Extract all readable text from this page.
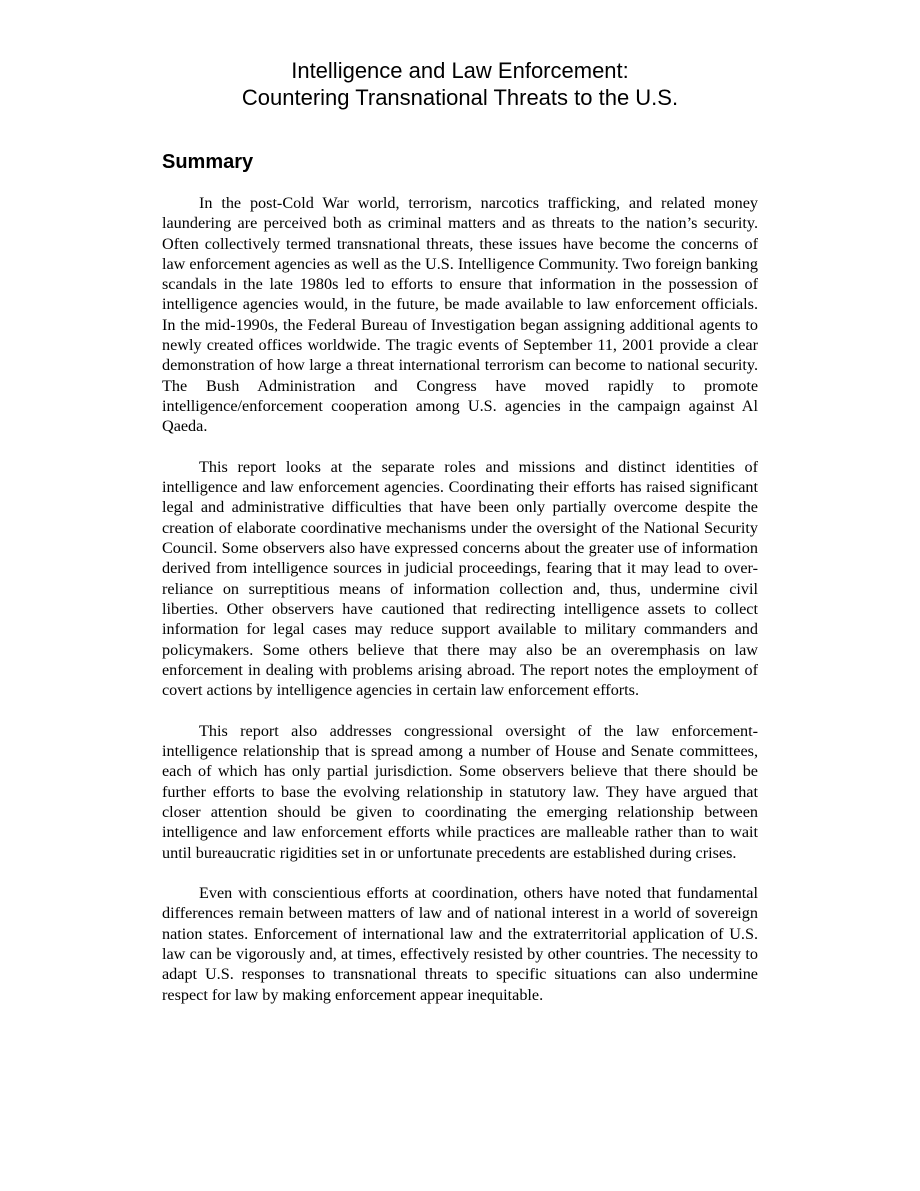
Intelligence and Law Enforcement:
Countering Transnational Threats to the U.S.
Summary

In the post-Cold War world, terrorism, narcotics trafficking, and related money laundering are perceived both as criminal matters and as threats to the nation’s security. Often collectively termed transnational threats, these issues have become the concerns of law enforcement agencies as well as the U.S. Intelligence Community. Two foreign banking scandals in the late 1980s led to efforts to ensure that information in the possession of intelligence agencies would, in the future, be made available to law enforcement officials. In the mid-1990s, the Federal Bureau of Investigation began assigning additional agents to newly created offices worldwide. The tragic events of September 11, 2001 provide a clear demonstration of how large a threat international terrorism can become to national security. The Bush Administration and Congress have moved rapidly to promote intelligence/enforcement cooperation among U.S. agencies in the campaign against Al Qaeda.

This report looks at the separate roles and missions and distinct identities of intelligence and law enforcement agencies. Coordinating their efforts has raised significant legal and administrative difficulties that have been only partially overcome despite the creation of elaborate coordinative mechanisms under the oversight of the National Security Council. Some observers also have expressed concerns about the greater use of information derived from intelligence sources in judicial proceedings, fearing that it may lead to over-reliance on surreptitious means of information collection and, thus, undermine civil liberties. Other observers have cautioned that redirecting intelligence assets to collect information for legal cases may reduce support available to military commanders and policymakers. Some others believe that there may also be an overemphasis on law enforcement in dealing with problems arising abroad. The report notes the employment of covert actions by intelligence agencies in certain law enforcement efforts.

This report also addresses congressional oversight of the law enforcement-intelligence relationship that is spread among a number of House and Senate committees, each of which has only partial jurisdiction. Some observers believe that there should be further efforts to base the evolving relationship in statutory law. They have argued that closer attention should be given to coordinating the emerging relationship between intelligence and law enforcement efforts while practices are malleable rather than to wait until bureaucratic rigidities set in or unfortunate precedents are established during crises.

Even with conscientious efforts at coordination, others have noted that fundamental differences remain between matters of law and of national interest in a world of sovereign nation states. Enforcement of international law and the extraterritorial application of U.S. law can be vigorously and, at times, effectively resisted by other countries. The necessity to adapt U.S. responses to transnational threats to specific situations can also undermine respect for law by making enforcement appear inequitable.
